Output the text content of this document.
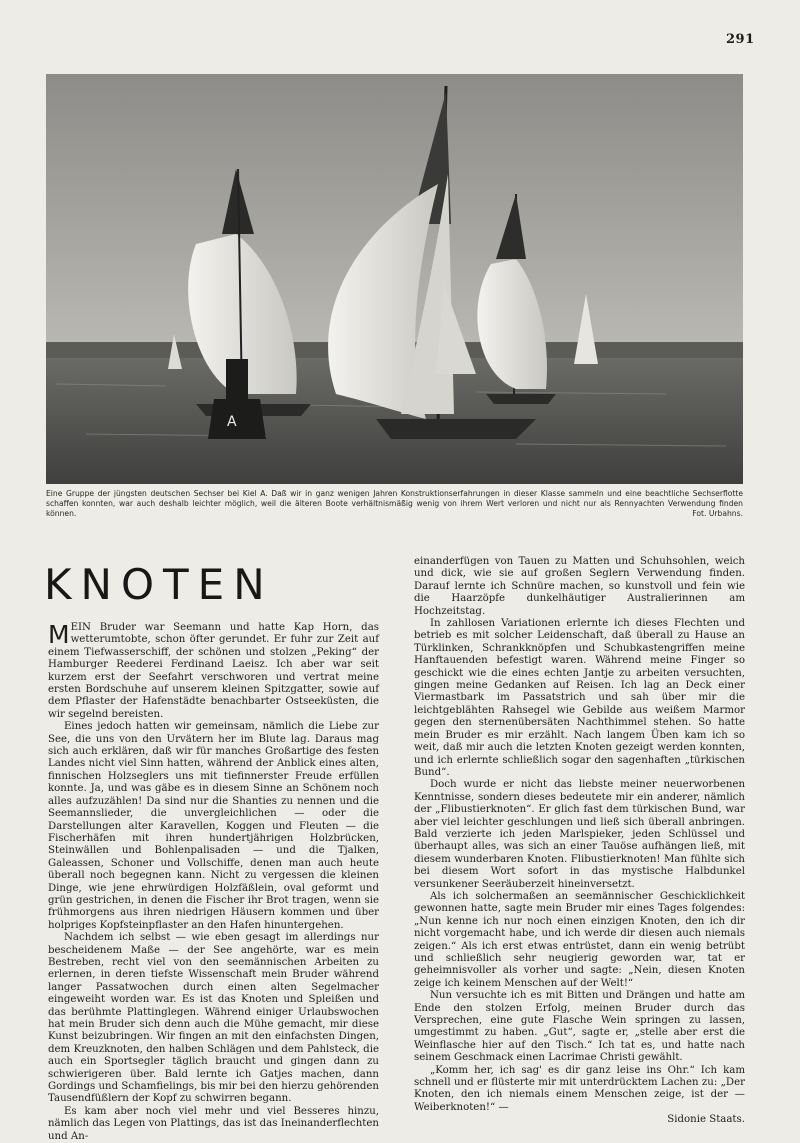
291
A
Eine Gruppe der jüngsten deutschen Sechser bei Kiel A. Daß wir in ganz wenigen Jahren Konstruktionserfahrungen in dieser Klasse sammeln und eine beachtliche Sechserflotte schaffen konnten, war auch deshalb leichter möglich, weil die älteren Boote verhältnismäßig wenig von ihrem Wert verloren und nicht nur als Rennyachten Verwendung finden können.	Fot. Urbahns.
KNOTEN

MEIN Bruder war Seemann und hatte Kap Horn, das wetterumtobte, schon öfter gerundet. Er fuhr zur Zeit auf einem Tiefwasserschiff, der schönen und stolzen „Peking“ der Hamburger Reederei Ferdinand Laeisz. Ich aber war seit kurzem erst der Seefahrt verschworen und vertrat meine ersten Bordschuhe auf unserem kleinen Spitzgatter, sowie auf dem Pflaster der Hafenstädte benachbarter Ostseeküsten, die wir segelnd bereisten.

Eines jedoch hatten wir gemeinsam, nämlich die Liebe zur See, die uns von den Urvätern her im Blute lag. Daraus mag sich auch erklären, daß wir für manches Großartige des festen Landes nicht viel Sinn hatten, während der Anblick eines alten, finnischen Holzseglers uns mit tiefinnerster Freude erfüllen konnte. Ja, und was gäbe es in diesem Sinne an Schönem noch alles aufzuzählen! Da sind nur die Shanties zu nennen und die Seemannslieder, die unvergleichlichen — oder die Darstellungen alter Karavellen, Koggen und Fleuten — die Fischerhäfen mit ihren hundertjährigen Holzbrücken, Steinwällen und Bohlenpalisaden — und die Tjalken, Galeassen, Schoner und Vollschiffe, denen man auch heute überall noch begegnen kann. Nicht zu vergessen die kleinen Dinge, wie jene ehrwürdigen Holzfäßlein, oval geformt und grün gestrichen, in denen die Fischer ihr Brot tragen, wenn sie frühmorgens aus ihren niedrigen Häusern kommen und über holpriges Kopfsteinpflaster an den Hafen hinuntergehen.

Nachdem ich selbst — wie eben gesagt im allerdings nur bescheidenem Maße — der See angehörte, war es mein Bestreben, recht viel von den seemännischen Arbeiten zu erlernen, in deren tiefste Wissenschaft mein Bruder während langer Passatwochen durch einen alten Segelmacher eingeweiht worden war. Es ist das Knoten und Spleißen und das berühmte Plattinglegen. Während einiger Urlaubswochen hat mein Bruder sich denn auch die Mühe gemacht, mir diese Kunst beizubringen. Wir fingen an mit den einfachsten Dingen, dem Kreuzknoten, den halben Schlägen und dem Pahlsteck, die auch ein Sportsegler täglich braucht und gingen dann zu schwierigeren über. Bald lernte ich Gatjes machen, dann Gordings und Schamfielings, bis mir bei den hierzu gehörenden Tausendfüßlern der Kopf zu schwirren begann.

Es kam aber noch viel mehr und viel Besseres hinzu, nämlich das Legen von Plattings, das ist das Ineinanderflechten und An-

einanderfügen von Tauen zu Matten und Schuhsohlen, weich und dick, wie sie auf großen Seglern Verwendung finden. Darauf lernte ich Schnüre machen, so kunstvoll und fein wie die Haarzöpfe dunkelhäutiger Australierinnen am Hochzeitstag.

In zahllosen Variationen erlernte ich dieses Flechten und betrieb es mit solcher Leidenschaft, daß überall zu Hause an Türklinken, Schrankknöpfen und Schubkastengriffen meine Hanftauenden befestigt waren. Während meine Finger so geschickt wie die eines echten Jantje zu arbeiten versuchten, gingen meine Gedanken auf Reisen. Ich lag an Deck einer Viermastbark im Passatstrich und sah über mir die leichtgeblähten Rahsegel wie Gebilde aus weißem Marmor gegen den sternenübersäten Nachthimmel stehen. So hatte mein Bruder es mir erzählt. Nach langem Üben kam ich so weit, daß mir auch die letzten Knoten gezeigt werden konnten, und ich erlernte schließlich sogar den sagenhaften „türkischen Bund“.

Doch wurde er nicht das liebste meiner neuerworbenen Kenntnisse, sondern dieses bedeutete mir ein anderer, nämlich der „Flibustierknoten“. Er glich fast dem türkischen Bund, war aber viel leichter geschlungen und ließ sich überall anbringen. Bald verzierte ich jeden Marlspieker, jeden Schlüssel und überhaupt alles, was sich an einer Tauöse aufhängen ließ, mit diesem wunderbaren Knoten. Flibustierknoten! Man fühlte sich bei diesem Wort sofort in das mystische Halbdunkel versunkener Seeräuberzeit hineinversetzt.

Als ich solchermaßen an seemännischer Geschicklichkeit gewonnen hatte, sagte mein Bruder mir eines Tages folgendes: „Nun kenne ich nur noch einen einzigen Knoten, den ich dir nicht vorgemacht habe, und ich werde dir diesen auch niemals zeigen.“ Als ich erst etwas entrüstet, dann ein wenig betrübt und schließlich sehr neugierig geworden war, tat er geheimnisvoller als vorher und sagte: „Nein, diesen Knoten zeige ich keinem Menschen auf der Welt!“

Nun versuchte ich es mit Bitten und Drängen und hatte am Ende den stolzen Erfolg, meinen Bruder durch das Versprechen, eine gute Flasche Wein springen zu lassen, umgestimmt zu haben. „Gut“, sagte er, „stelle aber erst die Weinflasche hier auf den Tisch.“ Ich tat es, und hatte nach seinem Geschmack einen Lacrimae Christi gewählt.

„Komm her, ich sag' es dir ganz leise ins Ohr.“ Ich kam schnell und er flüsterte mir mit unterdrücktem Lachen zu: „Der Knoten, den ich niemals einem Menschen zeige, ist der — Weiberknoten!“ —

Sidonie Staats.
